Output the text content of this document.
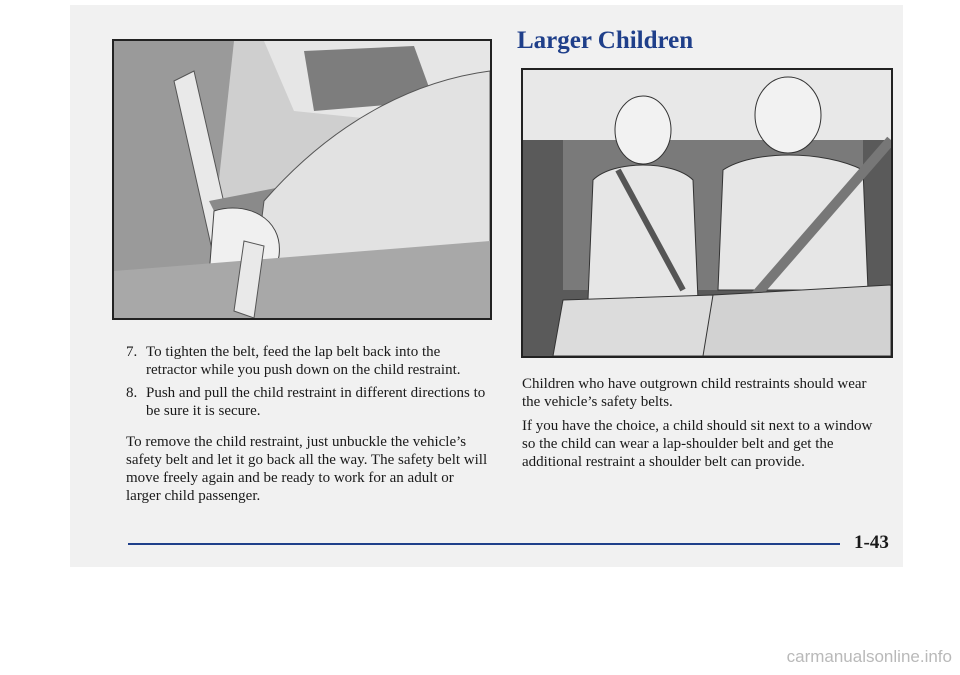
Larger Children
7. To tighten the belt, feed the lap belt back into the retractor while you push down on the child restraint.
8. Push and pull the child restraint in different directions to be sure it is secure.

To remove the child restraint, just unbuckle the vehicle’s safety belt and let it go back all the way. The safety belt will move freely again and be ready to work for an adult or larger child passenger.

Children who have outgrown child restraints should wear the vehicle’s safety belts.

If you have the choice, a child should sit next to a window so the child can wear a lap-shoulder belt and get the additional restraint a shoulder belt can provide.

1-43
carmanualsonline.info
